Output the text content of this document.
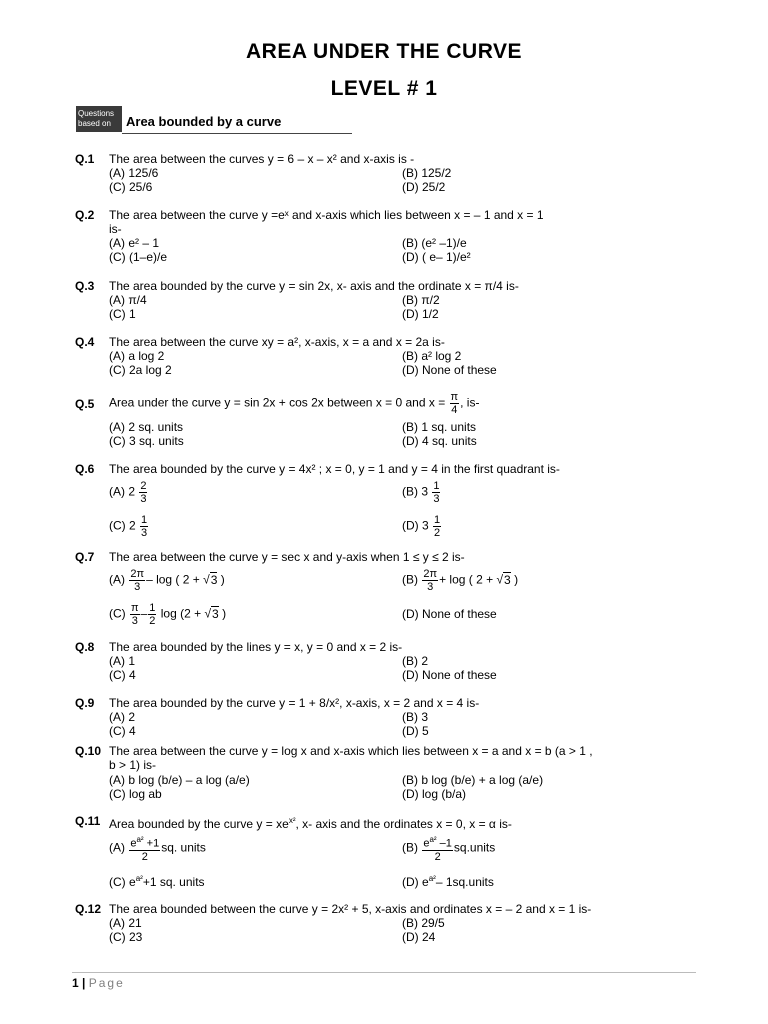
AREA UNDER THE CURVE
LEVEL # 1
Questions based on	Area bounded by a curve
Q.1 The area between the curves y = 6 – x – x² and x-axis is -
(A) 125/6	(B) 125/2
(C) 25/6	(D) 25/2
Q.2 The area between the curve y =eˣ and x-axis which lies between x = – 1 and x = 1 is-
(A) e² – 1	(B) (e² –1)/e
(C) (1–e)/e	(D) ( e– 1)/e²
Q.3 The area bounded by the curve y = sin 2x, x- axis and the ordinate x = π/4 is-
(A) π/4	(B) π/2
(C) 1	(D) 1/2
Q.4 The area between the curve xy = a², x-axis, x = a and x = 2a is-
(A) a log 2	(B) a² log 2
(C) 2a log 2	(D) None of these
Q.5 Area under the curve y = sin 2x + cos 2x between x = 0 and $x = \frac{\pi}{4}$ , is-
(A) 2 sq. units	(B) 1 sq. units
(C) 3 sq. units	(D) 4 sq. units
Q.6 The area bounded by the curve y = 4x² ; x = 0, y = 1 and y = 4 in the first quadrant is-
(A) $2 \frac{2}{3}$	(B) $3 \frac{1}{3}$
(C) $2 \frac{1}{3}$	(D) $3 \frac{1}{2}$
Q.7 The area between the curve y = sec x and y-axis when 1 ≤ y ≤ 2 is-
$(A) \frac{2\pi}{3}$ – log ( 2 + √3 )	$(B) \frac{2\pi}{3} + \log$ ( 2 + √3 )
$(C) \frac{\pi}{3} - \frac{1}{2}$ log (2 + √3 )	(D) None of these
Q.8 The area bounded by the lines y = x, y = 0 and x = 2 is-
(A) 1	(B) 2
(C) 4	(D) None of these
Q.9 The area bounded by the curve y = 1 + 8/x², x-axis, x = 2 and x = 4 is-
(A) 2	(B) 3
(C) 4	(D) 5
Q.10 The area between the curve y = log x and x-axis which lies between x = a and x = b (a > 1 , b > 1) is-
(A) b log (b/e) – a log (a/e)	(B) b log (b/e) + a log (a/e)
(C) log ab	(D) log (b/a)
Q.11 Area bounded by the curve $y = xe^{x^2}$, x- axis and the ordinates x = 0, x = α is-
$(A) \frac{e^{a^2} +1}{2}$ sq. units	$(B) \frac{e^{a^2} -1}{2}$ sq.units
(C) $e^{a^2}+1$ sq. units	(D) $e^{a^2}-$ 1sq.units
Q.12 The area bounded between the curve y = 2x² + 5, x-axis and ordinates x = – 2 and x = 1 is-
(A) 21	(B) 29/5
(C) 23	(D) 24
1 | Page
